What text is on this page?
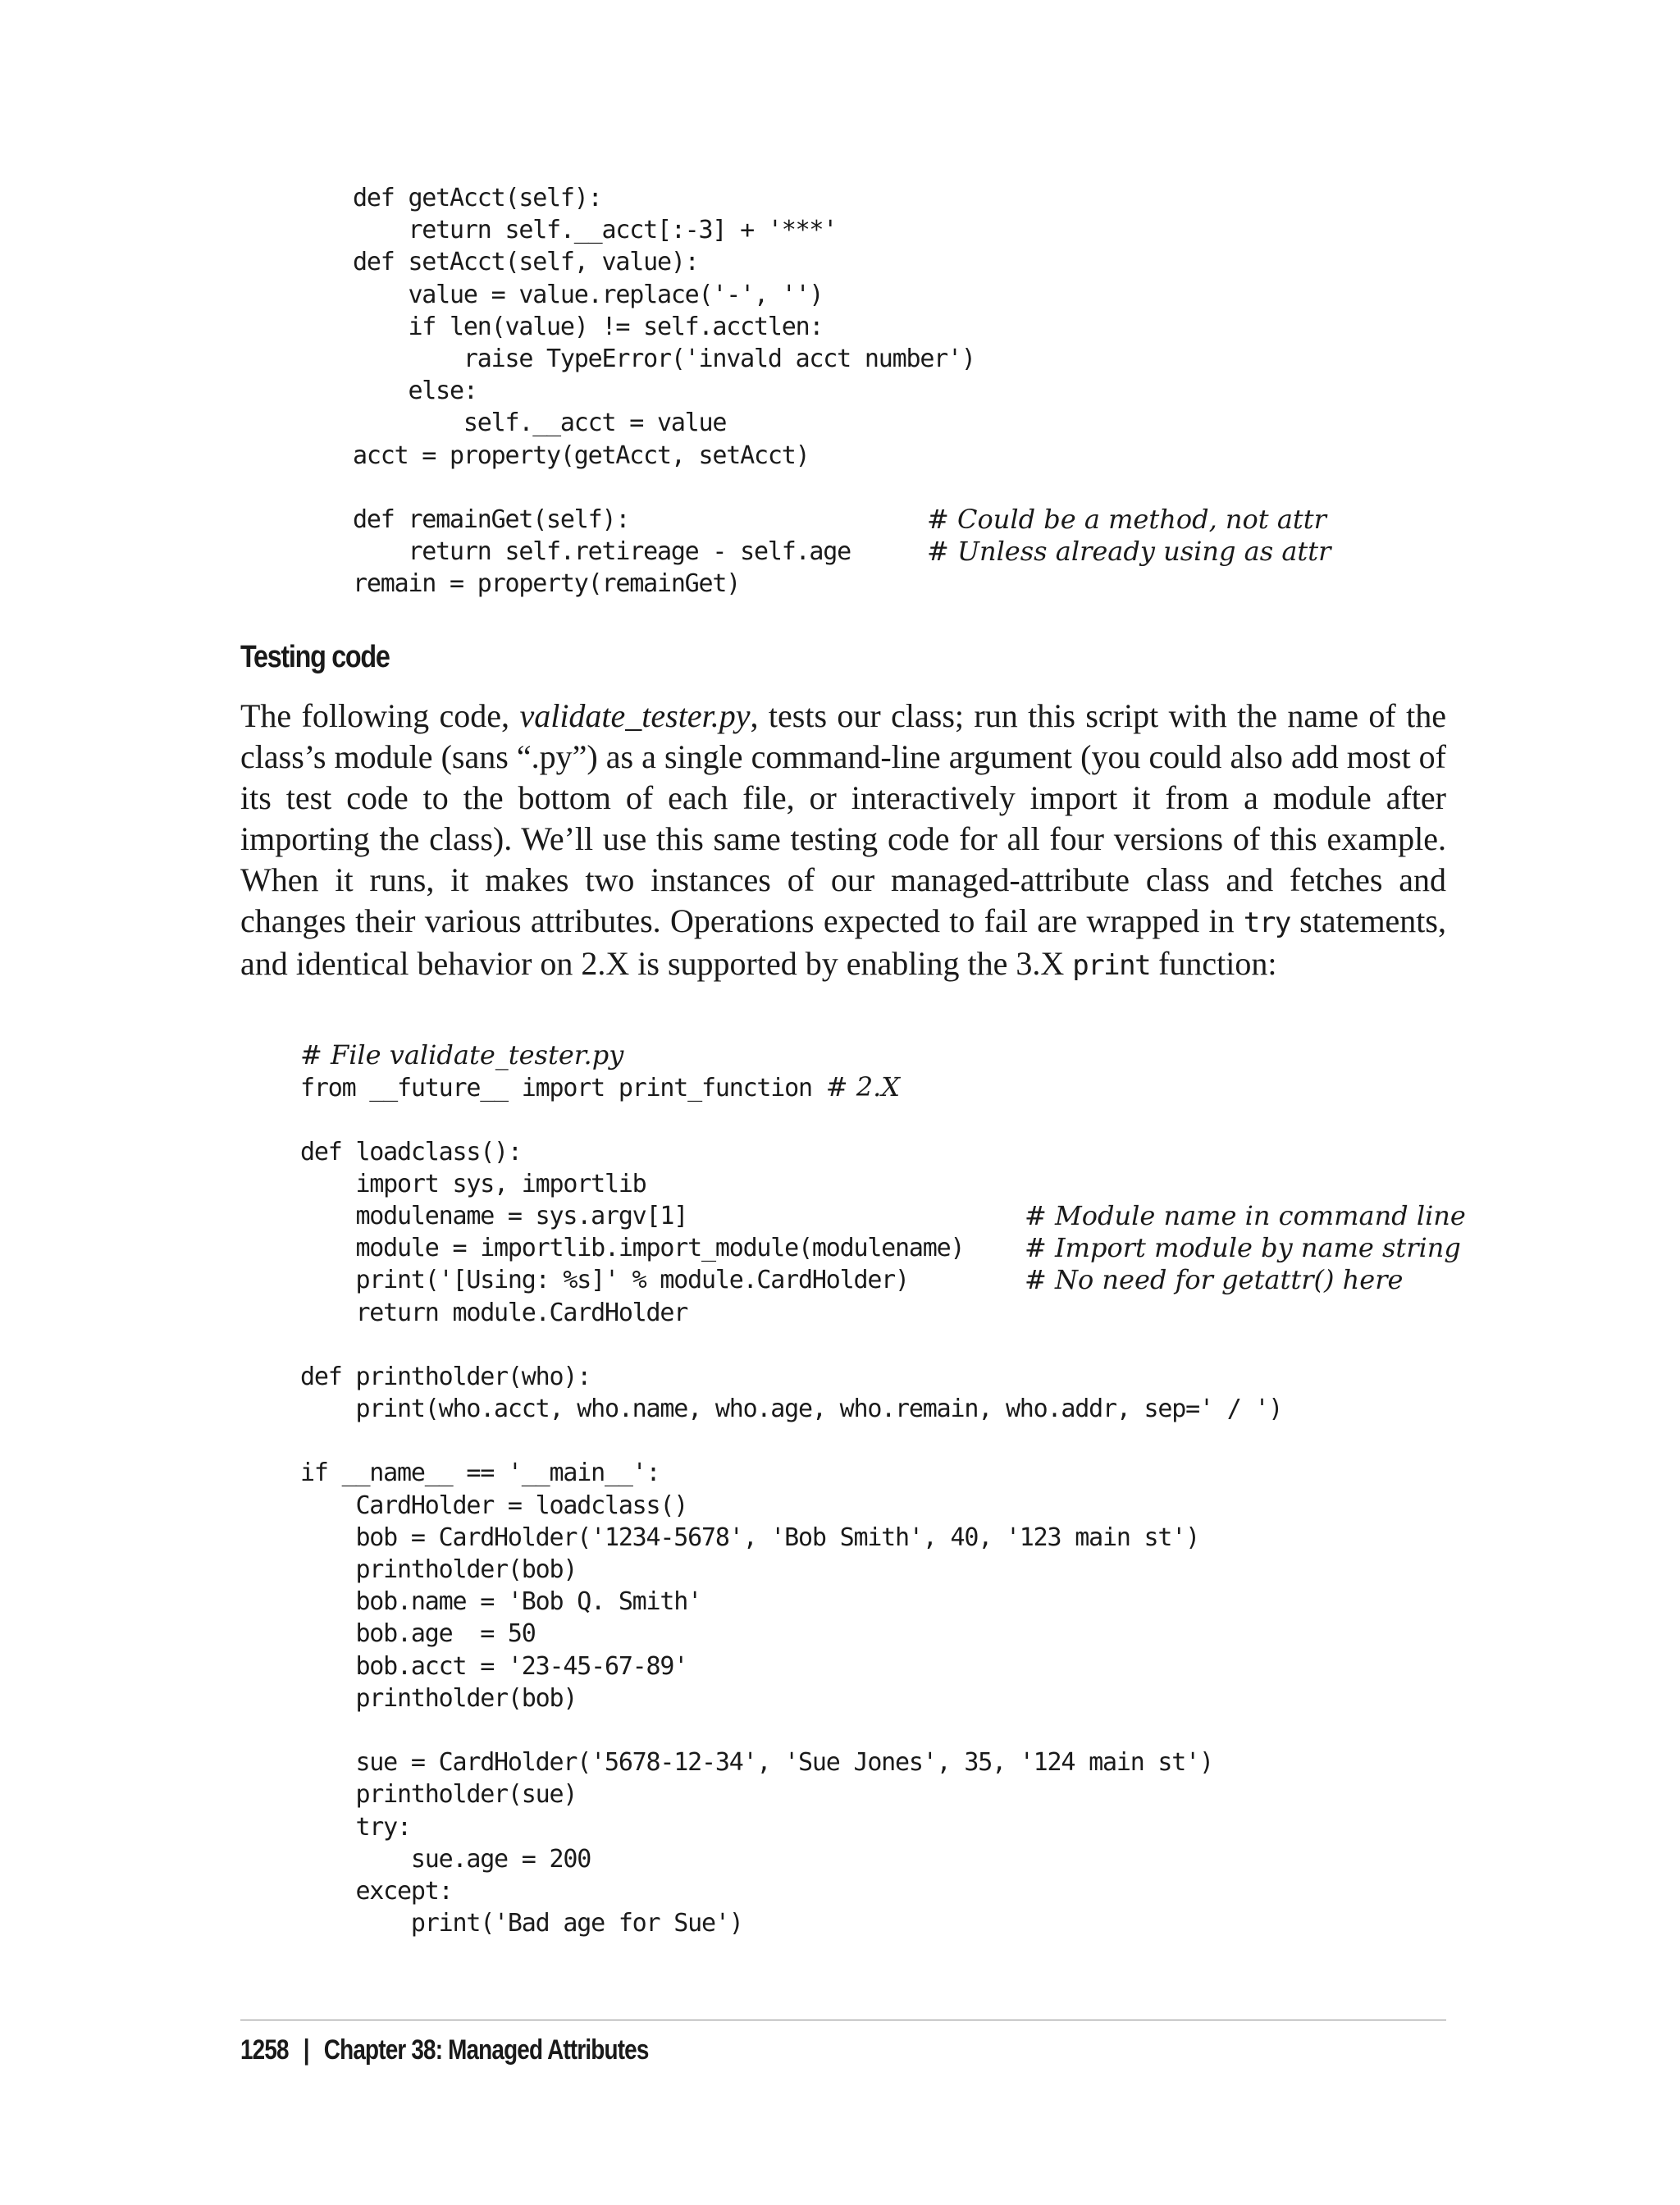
def getAcct(self):
return self.__acct[:-3] + '***'
def setAcct(self, value):
value = value.replace('-', '')
if len(value) != self.acctlen:
raise TypeError('invald acct number')
else:
self.__acct = value
acct = property(getAcct, setAcct)
def remainGet(self):	# Could be a method, not attr
return self.retireage - self.age	# Unless already using as attr
remain = property(remainGet)
Testing code

The following code, validate_tester.py, tests our class; run this script with the name of the class’s module (sans “.py”) as a single command-line argument (you could also add most of its test code to the bottom of each file, or interactively import it from a module after importing the class). We’ll use this same testing code for all four versions of this example. When it runs, it makes two instances of our managed-attribute class and fetches and changes their various attributes. Operations expected to fail are wrapped in try statements, and identical behavior on 2.X is supported by enabling the 3.X print function:

# File validate_tester.py
from __future__ import print_function # 2.X
def loadclass():
import sys, importlib
modulename = sys.argv[1]	# Module name in command line
module = importlib.import_module(modulename) # Import module by name string
print('[Using: %s]' % module.CardHolder)	# No need for getattr() here
return module.CardHolder
def printholder(who):
print(who.acct, who.name, who.age, who.remain, who.addr, sep=' / ')
if __name__ == '__main__':
CardHolder = loadclass()
bob = CardHolder('1234-5678', 'Bob Smith', 40, '123 main st')
printholder(bob)
bob.name = 'Bob Q. Smith'
bob.age  = 50
bob.acct = '23-45-67-89'
printholder(bob)
sue = CardHolder('5678-12-34', 'Sue Jones', 35, '124 main st')
printholder(sue)
try:
sue.age = 200
except:
print('Bad age for Sue')
1258 | Chapter 38: Managed Attributes
